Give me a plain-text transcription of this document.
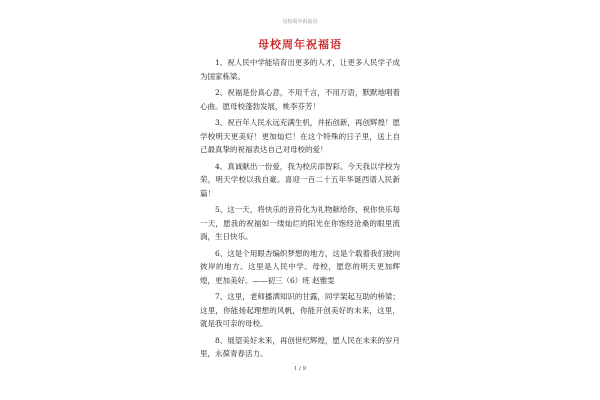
母校周年祝福语
母校周年祝福语

1、祝人民中学能培育出更多的人才，让更多人民学子成为国家栋梁。

2、祝福是份真心意，不用千言，不用万语，默默地唱着心曲。愿母校蓬勃发展，桃李芬芳！

3、祝百年人民永远充满生机，并拓创新，再创辉煌！愿学校明天更美好！更加灿烂！在这个特殊的日子里，送上自己最真挚的祝福表达自己对母校的爱！

4、真诚献出一份爱，我为校庆添智彩。今天我以学校为荣，明天学校以我自豪。喜迎一百二十五年华诞西谱人民新篇！

5、这一天，将快乐的音符化为礼物献给你，祝你快乐每一天，愿我的祝福如一缕灿烂的阳光在你饱经沧桑的眼里流淌，生日快乐。

6、这是个用眼杏编织梦想的地方，这是个载着我们驶向彼岸的地方。这里是人民中学。母校，愿您的明天更加辉煌，更加美好。——初三（6）班 赵雅雯

7、这里，老师播洒知识的甘露，同学架起互助的桥梁；这里，你能扬起理想的风帆，你能开创美好的未来，这里，就是我可亲的母校。

8、展望美好未来，再创世纪辉煌，愿人民在未来的岁月里，永葆青春活力。

1 / 9
